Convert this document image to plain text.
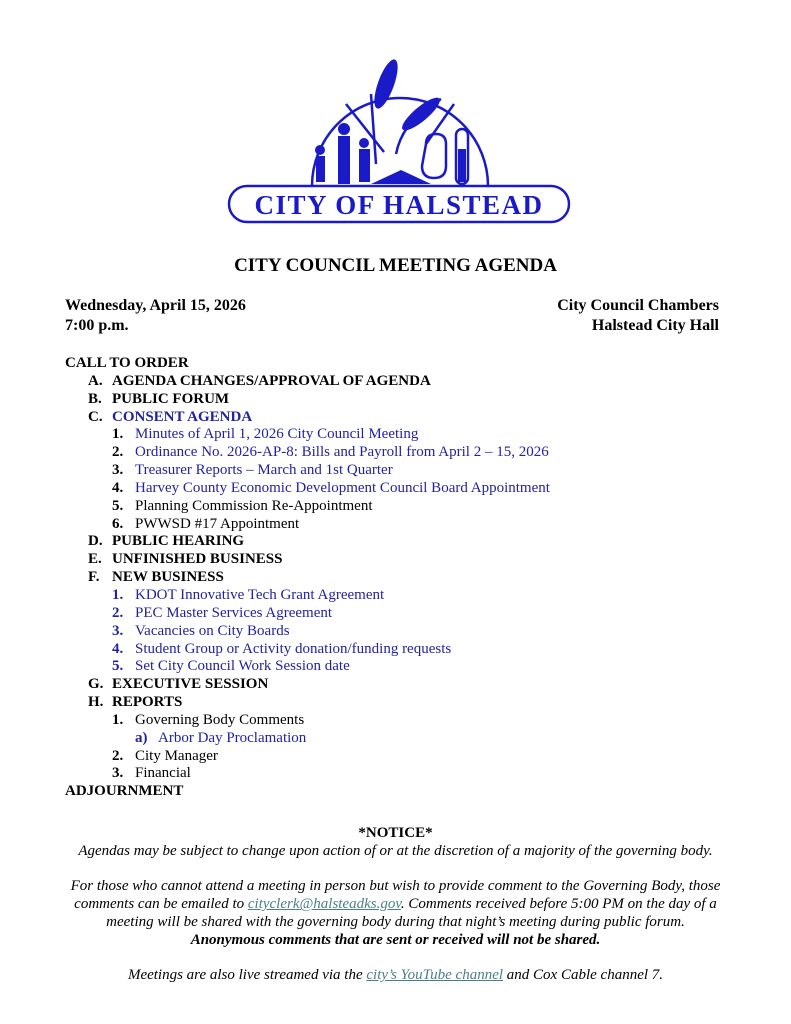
CITY OF HALSTEAD
CITY COUNCIL MEETING AGENDA
Wednesday, April 15, 2026
7:00 p.m.
City Council Chambers
Halstead City Hall
CALL TO ORDER
A. AGENDA CHANGES/APPROVAL OF AGENDA
B. PUBLIC FORUM
C. CONSENT AGENDA
1. Minutes of April 1, 2026 City Council Meeting
2. Ordinance No. 2026-AP-8: Bills and Payroll from April 2 – 15, 2026
3. Treasurer Reports – March and 1st Quarter
4. Harvey County Economic Development Council Board Appointment
5. Planning Commission Re-Appointment
6. PWWSD #17 Appointment
D. PUBLIC HEARING
E. UNFINISHED BUSINESS
F. NEW BUSINESS
1. KDOT Innovative Tech Grant Agreement
2. PEC Master Services Agreement
3. Vacancies on City Boards
4. Student Group or Activity donation/funding requests
5. Set City Council Work Session date
G. EXECUTIVE SESSION
H. REPORTS
1. Governing Body Comments
a) Arbor Day Proclamation
2. City Manager
3. Financial
ADJOURNMENT
*NOTICE*
Agendas may be subject to change upon action of or at the discretion of a majority of the governing body.
For those who cannot attend a meeting in person but wish to provide comment to the Governing Body, those comments can be emailed to cityclerk@halsteadks.gov. Comments received before 5:00 PM on the day of a meeting will be shared with the governing body during that night’s meeting during public forum.
Anonymous comments that are sent or received will not be shared.
Meetings are also live streamed via the city’s YouTube channel and Cox Cable channel 7.
